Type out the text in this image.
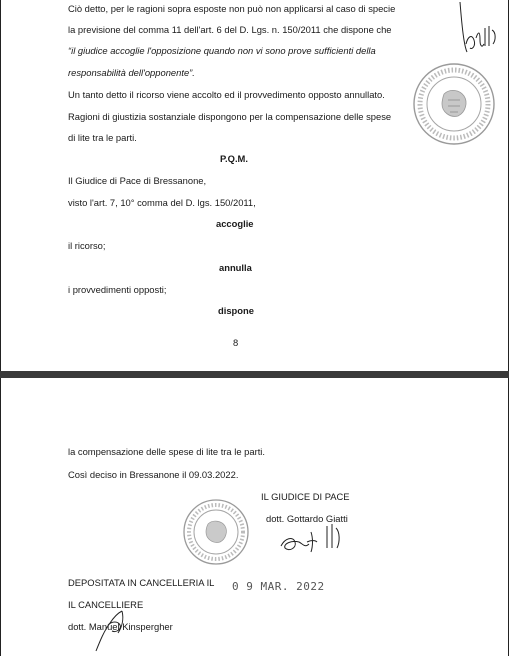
Ciò detto, per le ragioni sopra esposte non può non applicarsi al caso di specie
la previsione del comma 11 dell'art. 6 del D. Lgs. n. 150/2011 che dispone che
“il giudice accoglie l'opposizione quando non vi sono prove sufficienti della
responsabilità dell'opponente”.
Un tanto detto il ricorso viene accolto ed il provvedimento opposto annullato.
Ragioni di giustizia sostanziale dispongono per la compensazione delle spese
di lite tra le parti.
P.Q.M.
Il Giudice di Pace di Bressanone,
visto l'art. 7, 10° comma del D. lgs. 150/2011,
accoglie
il ricorso;
annulla
i provvedimenti opposti;
dispone
8
la compensazione delle spese di lite tra le parti.
Così deciso in Bressanone il 09.03.2022.
IL GIUDICE DI PACE
dott. Gottardo Giatti
DEPOSITATA IN CANCELLERIA IL 0 9 MAR. 2022
IL CANCELLIERE
dott. Manuel Kinspergher
